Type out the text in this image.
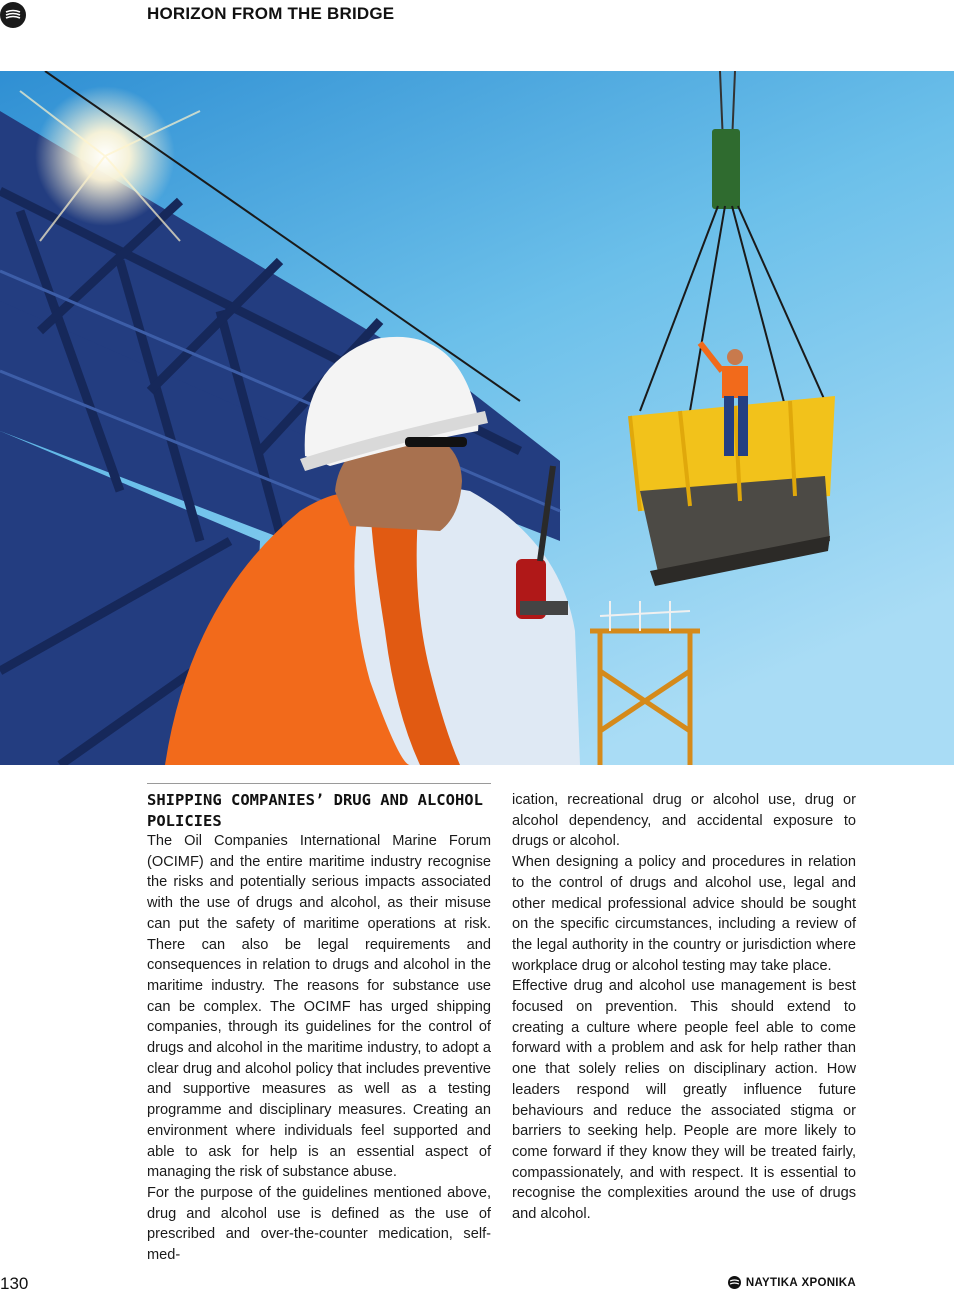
HORIZON FROM THE BRIDGE
SHIPPING COMPANIES’ DRUG AND ALCOHOL POLICIES

The Oil Companies International Marine Forum (OCIMF) and the entire maritime industry recognise the risks and potentially serious impacts associated with the use of drugs and alcohol, as their misuse can put the safety of maritime operations at risk. There can also be legal requirements and consequences in relation to drugs and alcohol in the maritime industry. The reasons for substance use can be complex. The OCIMF has urged shipping companies, through its guidelines for the control of drugs and alcohol in the maritime industry, to adopt a clear drug and alcohol policy that includes preventive and supportive measures as well as a testing programme and disciplinary measures. Creating an environment where individuals feel supported and able to ask for help is an essential aspect of managing the risk of substance abuse.

For the purpose of the guidelines mentioned above, drug and alcohol use is defined as the use of prescribed and over-the-counter medication, self-med-

ication, recreational drug or alcohol use, drug or alcohol dependency, and accidental exposure to drugs or alcohol.

When designing a policy and procedures in relation to the control of drugs and alcohol use, legal and other medical professional advice should be sought on the specific circumstances, including a review of the legal authority in the country or jurisdiction where workplace drug or alcohol testing may take place.

Effective drug and alcohol use management is best focused on prevention. This should extend to creating a culture where people feel able to come forward with a problem and ask for help rather than one that solely relies on disciplinary action. How leaders respond will greatly influence future behaviours and reduce the associated stigma or barriers to seeking help. People are more likely to come forward if they know they will be treated fairly, compassionately, and with respect. It is essential to recognise the complexities around the use of drugs and alcohol.

130	ΝΑΥΤΙΚΑ ΧΡΟΝΙΚΑ
